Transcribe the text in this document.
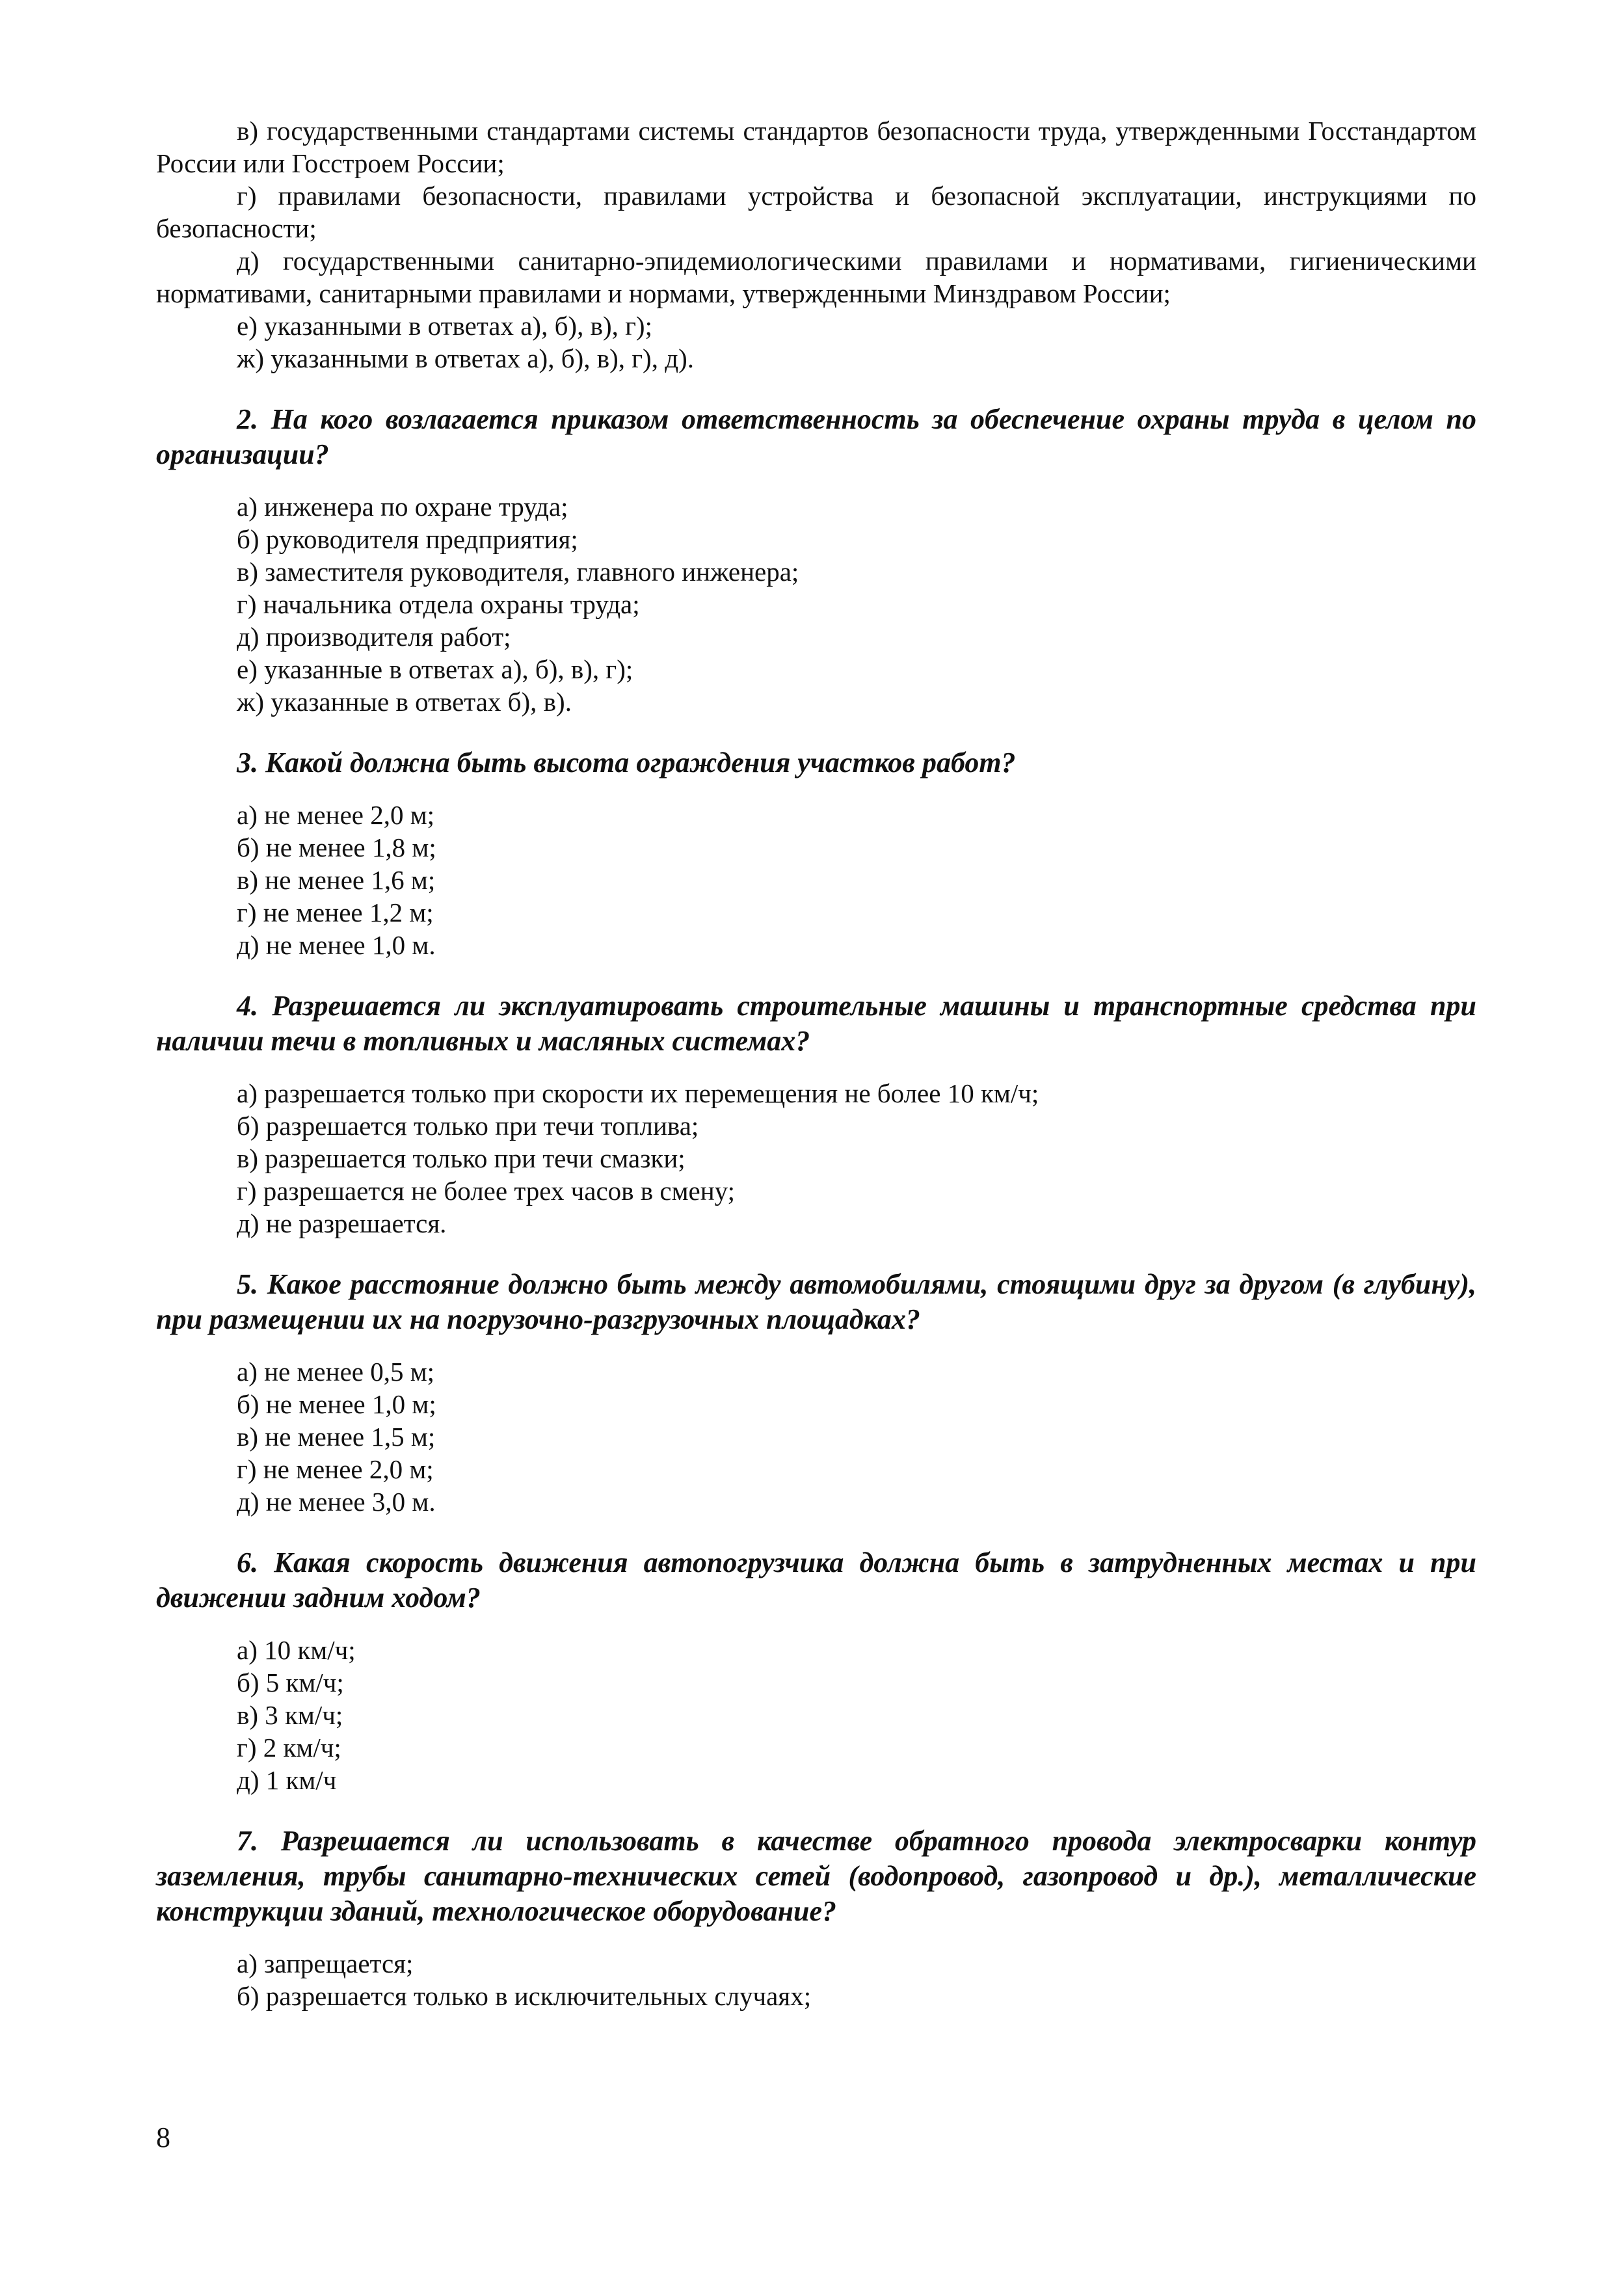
в) государственными стандартами системы стандартов безопасности труда, утвержденными Госстандартом России или Госстроем России;

г) правилами безопасности, правилами устройства и безопасной эксплуатации, инструкциями по безопасности;

д) государственными санитарно-эпидемиологическими правилами и нормативами, гигиеническими нормативами, санитарными правилами и нормами, утвержденными Минздравом России;

е) указанными в ответах а), б), в), г);

ж) указанными в ответах а), б), в), г), д).

2. На кого возлагается приказом ответственность за обеспечение охраны труда в целом по организации?

а) инженера по охране труда;

б) руководителя предприятия;

в) заместителя руководителя, главного инженера;

г) начальника отдела охраны труда;

д) производителя работ;

е) указанные в ответах а), б), в), г);

ж) указанные в ответах б), в).

3. Какой должна быть высота ограждения участков работ?

а) не менее 2,0 м;

б) не менее 1,8 м;

в) не менее 1,6 м;

г) не менее 1,2 м;

д) не менее 1,0 м.

4. Разрешается ли эксплуатировать строительные машины и транспортные средства при наличии течи в топливных и масляных системах?

а) разрешается только при скорости их перемещения не более 10 км/ч;

б) разрешается только при течи топлива;

в) разрешается только при течи смазки;

г) разрешается не более трех часов в смену;

д) не разрешается.

5. Какое расстояние должно быть между автомобилями, стоящими друг за другом (в глубину), при размещении их на погрузочно-разгрузочных площадках?

а) не менее 0,5 м;

б) не менее 1,0 м;

в) не менее 1,5 м;

г) не менее 2,0 м;

д) не менее 3,0 м.

6. Какая скорость движения автопогрузчика должна быть в затрудненных местах и при движении задним ходом?

а) 10 км/ч;

б) 5 км/ч;

в) 3 км/ч;

г) 2 км/ч;

д) 1 км/ч

7. Разрешается ли использовать в качестве обратного провода электросварки контур заземления, трубы санитарно-технических сетей (водопровод, газопровод и др.), металлические конструкции зданий, технологическое оборудование?

а) запрещается;

б) разрешается только в исключительных случаях;

8
